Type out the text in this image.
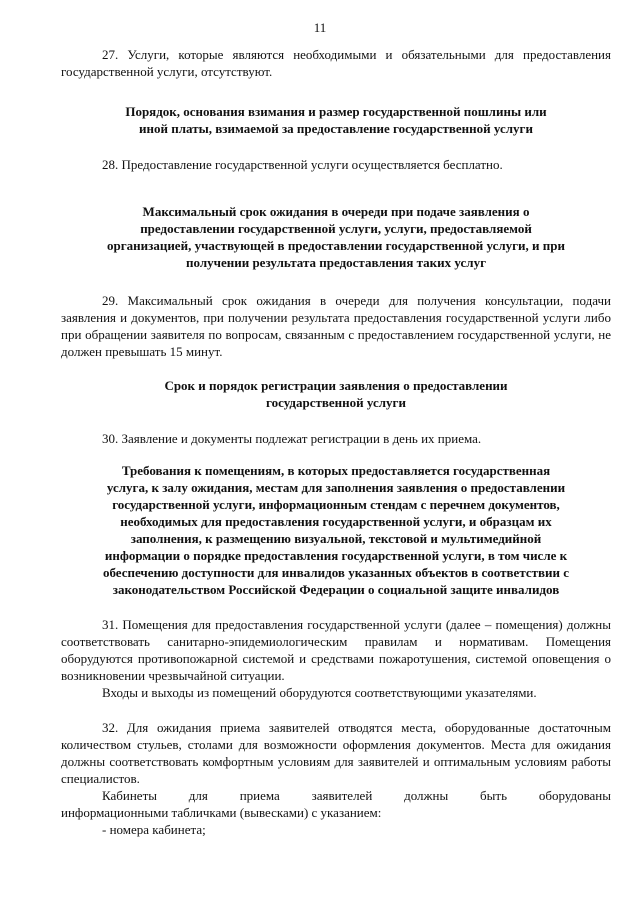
11

27. Услуги, которые являются необходимыми и обязательными для предоставления государственной услуги, отсутствуют.

Порядок, основания взимания и размер государственной пошлины или
иной платы, взимаемой за предоставление государственной услуги

28. Предоставление государственной услуги осуществляется бесплатно.

Максимальный срок ожидания в очереди при подаче заявления о
предоставлении государственной услуги, услуги, предоставляемой
организацией, участвующей в предоставлении государственной услуги, и при
получении результата предоставления таких услуг

29. Максимальный срок ожидания в очереди для получения консультации, подачи заявления и документов, при получении результата предоставления государственной услуги либо при обращении заявителя по вопросам, связанным с предоставлением государственной услуги, не должен превышать 15 минут.

Срок и порядок регистрации заявления о предоставлении
государственной услуги

30. Заявление и документы подлежат регистрации в день их приема.

Требования к помещениям, в которых предоставляется государственная
услуга, к залу ожидания, местам для заполнения заявления о предоставлении
государственной услуги, информационным стендам с перечнем документов,
необходимых для предоставления государственной услуги, и образцам их
заполнения, к размещению визуальной, текстовой и мультимедийной
информации о порядке предоставления государственной услуги, в том числе к
обеспечению доступности для инвалидов указанных объектов в соответствии с
законодательством Российской Федерации о социальной защите инвалидов

31. Помещения для предоставления государственной услуги (далее – помещения) должны соответствовать санитарно-эпидемиологическим правилам и нормативам. Помещения оборудуются противопожарной системой и средствами пожаротушения, системой оповещения о возникновении чрезвычайной ситуации.

Входы и выходы из помещений оборудуются соответствующими указателями.

32. Для ожидания приема заявителей отводятся места, оборудованные достаточным количеством стульев, столами для возможности оформления документов. Места для ожидания должны соответствовать комфортным условиям для заявителей и оптимальным условиям работы специалистов.

Кабинеты для приема заявителей должны быть оборудованы
информационными табличками (вывесками) с указанием:

- номера кабинета;
